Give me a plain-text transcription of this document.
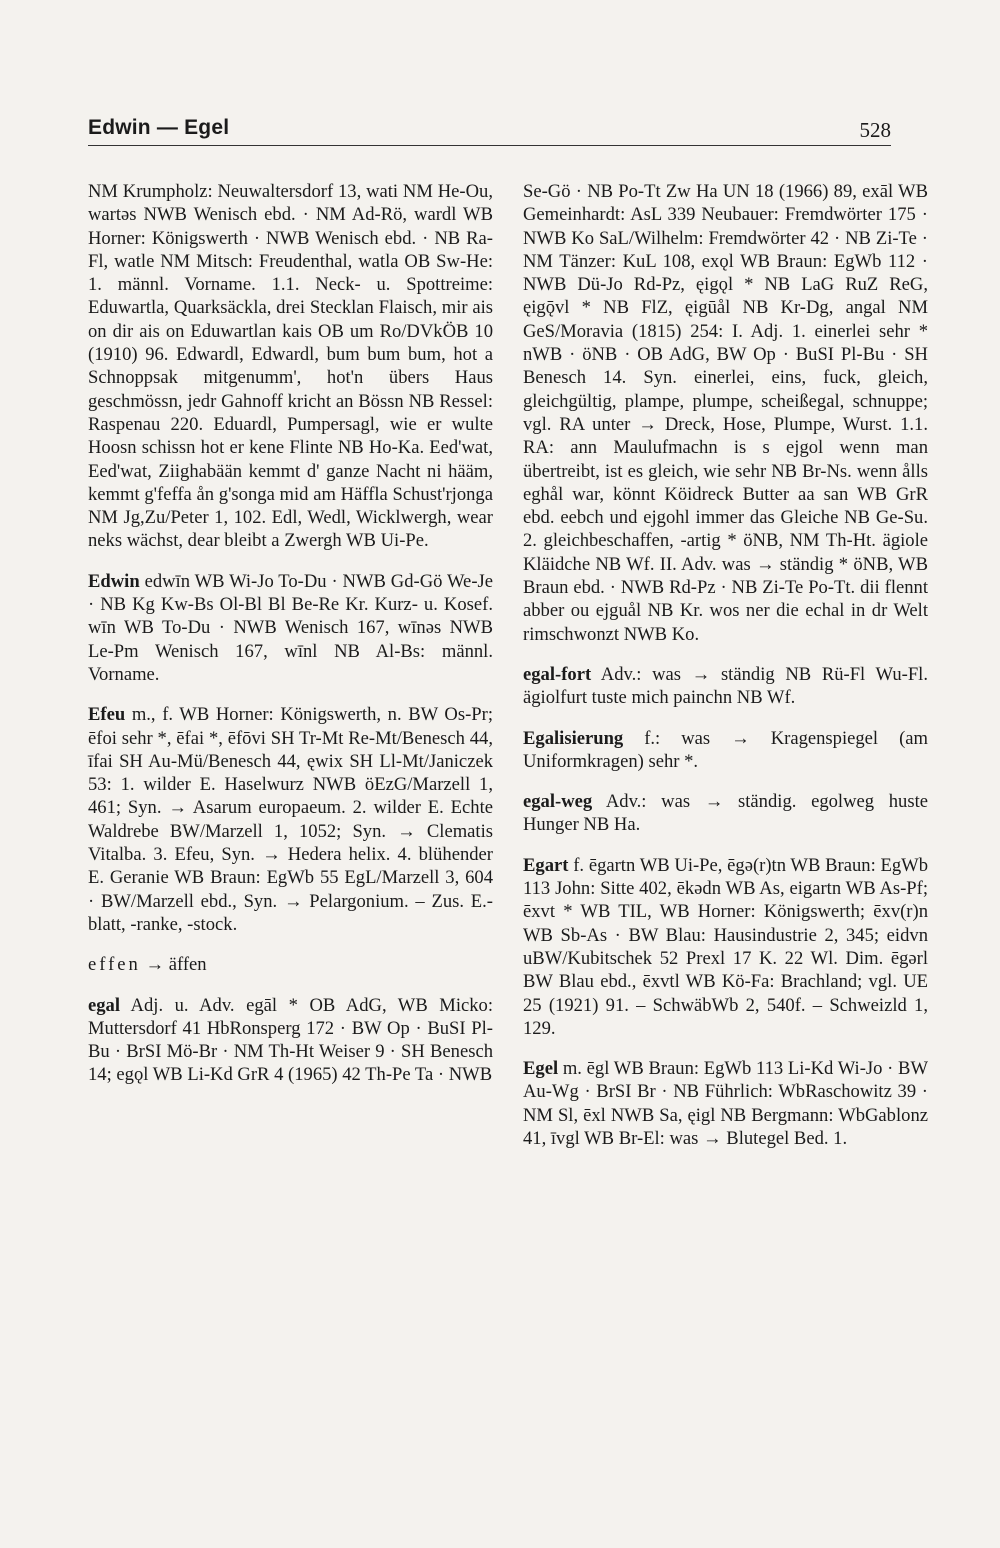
Edwin — Egel	528

NM Krumpholz: Neuwaltersdorf 13, wati NM He-Ou, wartəs NWB Wenisch ebd. · NM Ad-Rö, wardl WB Horner: Königswerth · NWB Wenisch ebd. · NB Ra-Fl, watle NM Mitsch: Freudenthal, watla OB Sw-He: 1. männl. Vorname. 1.1. Neck- u. Spottreime: Eduwartla, Quarksäckla, drei Stecklan Flaisch, mir ais on dir ais on Eduwartlan kais OB um Ro/DVkÖB 10 (1910) 96. Edwardl, Edwardl, bum bum bum, hot a Schnoppsak mitgenumm', hot'n übers Haus geschmössn, jedr Gahnoff kricht an Bössn NB Ressel: Raspenau 220. Eduardl, Pumpersagl, wie er wulte Hoosn schissn hot er kene Flinte NB Ho-Ka. Eed'wat, Eed'wat, Ziighabään kemmt d' ganze Nacht ni hääm, kemmt g'feffa ån g'songa mid am Häffla Schust'rjonga NM Jg,Zu/Peter 1, 102. Edl, Wedl, Wicklwergh, wear neks wächst, dear bleibt a Zwergh WB Ui-Pe.

Edwin edwīn WB Wi-Jo To-Du · NWB Gd-Gö We-Je · NB Kg Kw-Bs Ol-Bl Bl Be-Re Kr. Kurz- u. Kosef. wīn WB To-Du · NWB Wenisch 167, wīnəs NWB Le-Pm Wenisch 167, wīnl NB Al-Bs: männl. Vorname.

Efeu m., f. WB Horner: Königswerth, n. BW Os-Pr; ēfoi sehr *, ēfai *, ēfōvi SH Tr-Mt Re-Mt/Benesch 44, īfai SH Au-Mü/Benesch 44, ęwix SH Ll-Mt/Janiczek 53: 1. wilder E. Haselwurz NWB öEzG/Marzell 1, 461; Syn. → Asarum europaeum. 2. wilder E. Echte Waldrebe BW/Marzell 1, 1052; Syn. → Clematis Vitalba. 3. Efeu, Syn. → Hedera helix. 4. blühender E. Geranie WB Braun: EgWb 55 EgL/Marzell 3, 604 · BW/Marzell ebd., Syn. → Pelargonium. – Zus. E.-blatt, -ranke, -stock.

effen → äffen

egal Adj. u. Adv. egāl * OB AdG, WB Micko: Muttersdorf 41 HbRonsperg 172 · BW Op · BuSI Pl-Bu · BrSI Mö-Br · NM Th-Ht Weiser 9 · SH Benesch 14; egǫl WB Li-Kd GrR 4 (1965) 42 Th-Pe Ta · NWB

Se-Gö · NB Po-Tt Zw Ha UN 18 (1966) 89, exāl WB Gemeinhardt: AsL 339 Neubauer: Fremdwörter 175 · NWB Ko SaL/Wilhelm: Fremdwörter 42 · NB Zi-Te · NM Tänzer: KuL 108, exǫl WB Braun: EgWb 112 · NWB Dü-Jo Rd-Pz, ęigǫl * NB LaG RuZ ReG, ęigǭvl * NB FlZ, ęigūål NB Kr-Dg, angal NM GeS/Moravia (1815) 254: I. Adj. 1. einerlei sehr * nWB · öNB · OB AdG, BW Op · BuSI Pl-Bu · SH Benesch 14. Syn. einerlei, eins, fuck, gleich, gleichgültig, plampe, plumpe, scheißegal, schnuppe; vgl. RA unter → Dreck, Hose, Plumpe, Wurst. 1.1. RA: ann Maulufmachn is s ejgol wenn man übertreibt, ist es gleich, wie sehr NB Br-Ns. wenn ålls eghål war, könnt Köidreck Butter aa san WB GrR ebd. eebch und ejgohl immer das Gleiche NB Ge-Su. 2. gleichbeschaffen, -artig * öNB, NM Th-Ht. ägiole Kläidche NB Wf. II. Adv. was → ständig * öNB, WB Braun ebd. · NWB Rd-Pz · NB Zi-Te Po-Tt. dii flennt abber ou ejguål NB Kr. wos ner die echal in dr Welt rimschwonzt NWB Ko.

egal-fort Adv.: was → ständig NB Rü-Fl Wu-Fl. ägiolfurt tuste mich painchn NB Wf.

Egalisierung f.: was → Kragenspiegel (am Uniformkragen) sehr *.

egal-weg Adv.: was → ständig. egolweg huste Hunger NB Ha.

Egart f. ēgartn WB Ui-Pe, ēgə(r)tn WB Braun: EgWb 113 John: Sitte 402, ēkədn WB As, eigartn WB As-Pf; ēxvt * WB TIL, WB Horner: Königswerth; ēxv(r)n WB Sb-As · BW Blau: Hausindustrie 2, 345; eidvn uBW/Kubitschek 52 Prexl 17 K. 22 Wl. Dim. ēgərl BW Blau ebd., ēxvtl WB Kö-Fa: Brachland; vgl. UE 25 (1921) 91. – SchwäbWb 2, 540f. – Schweizld 1, 129.

Egel m. ēgl WB Braun: EgWb 113 Li-Kd Wi-Jo · BW Au-Wg · BrSI Br · NB Führlich: WbRaschowitz 39 · NM Sl, ēxl NWB Sa, ęigl NB Bergmann: WbGablonz 41, īvgl WB Br-El: was → Blutegel Bed. 1.
